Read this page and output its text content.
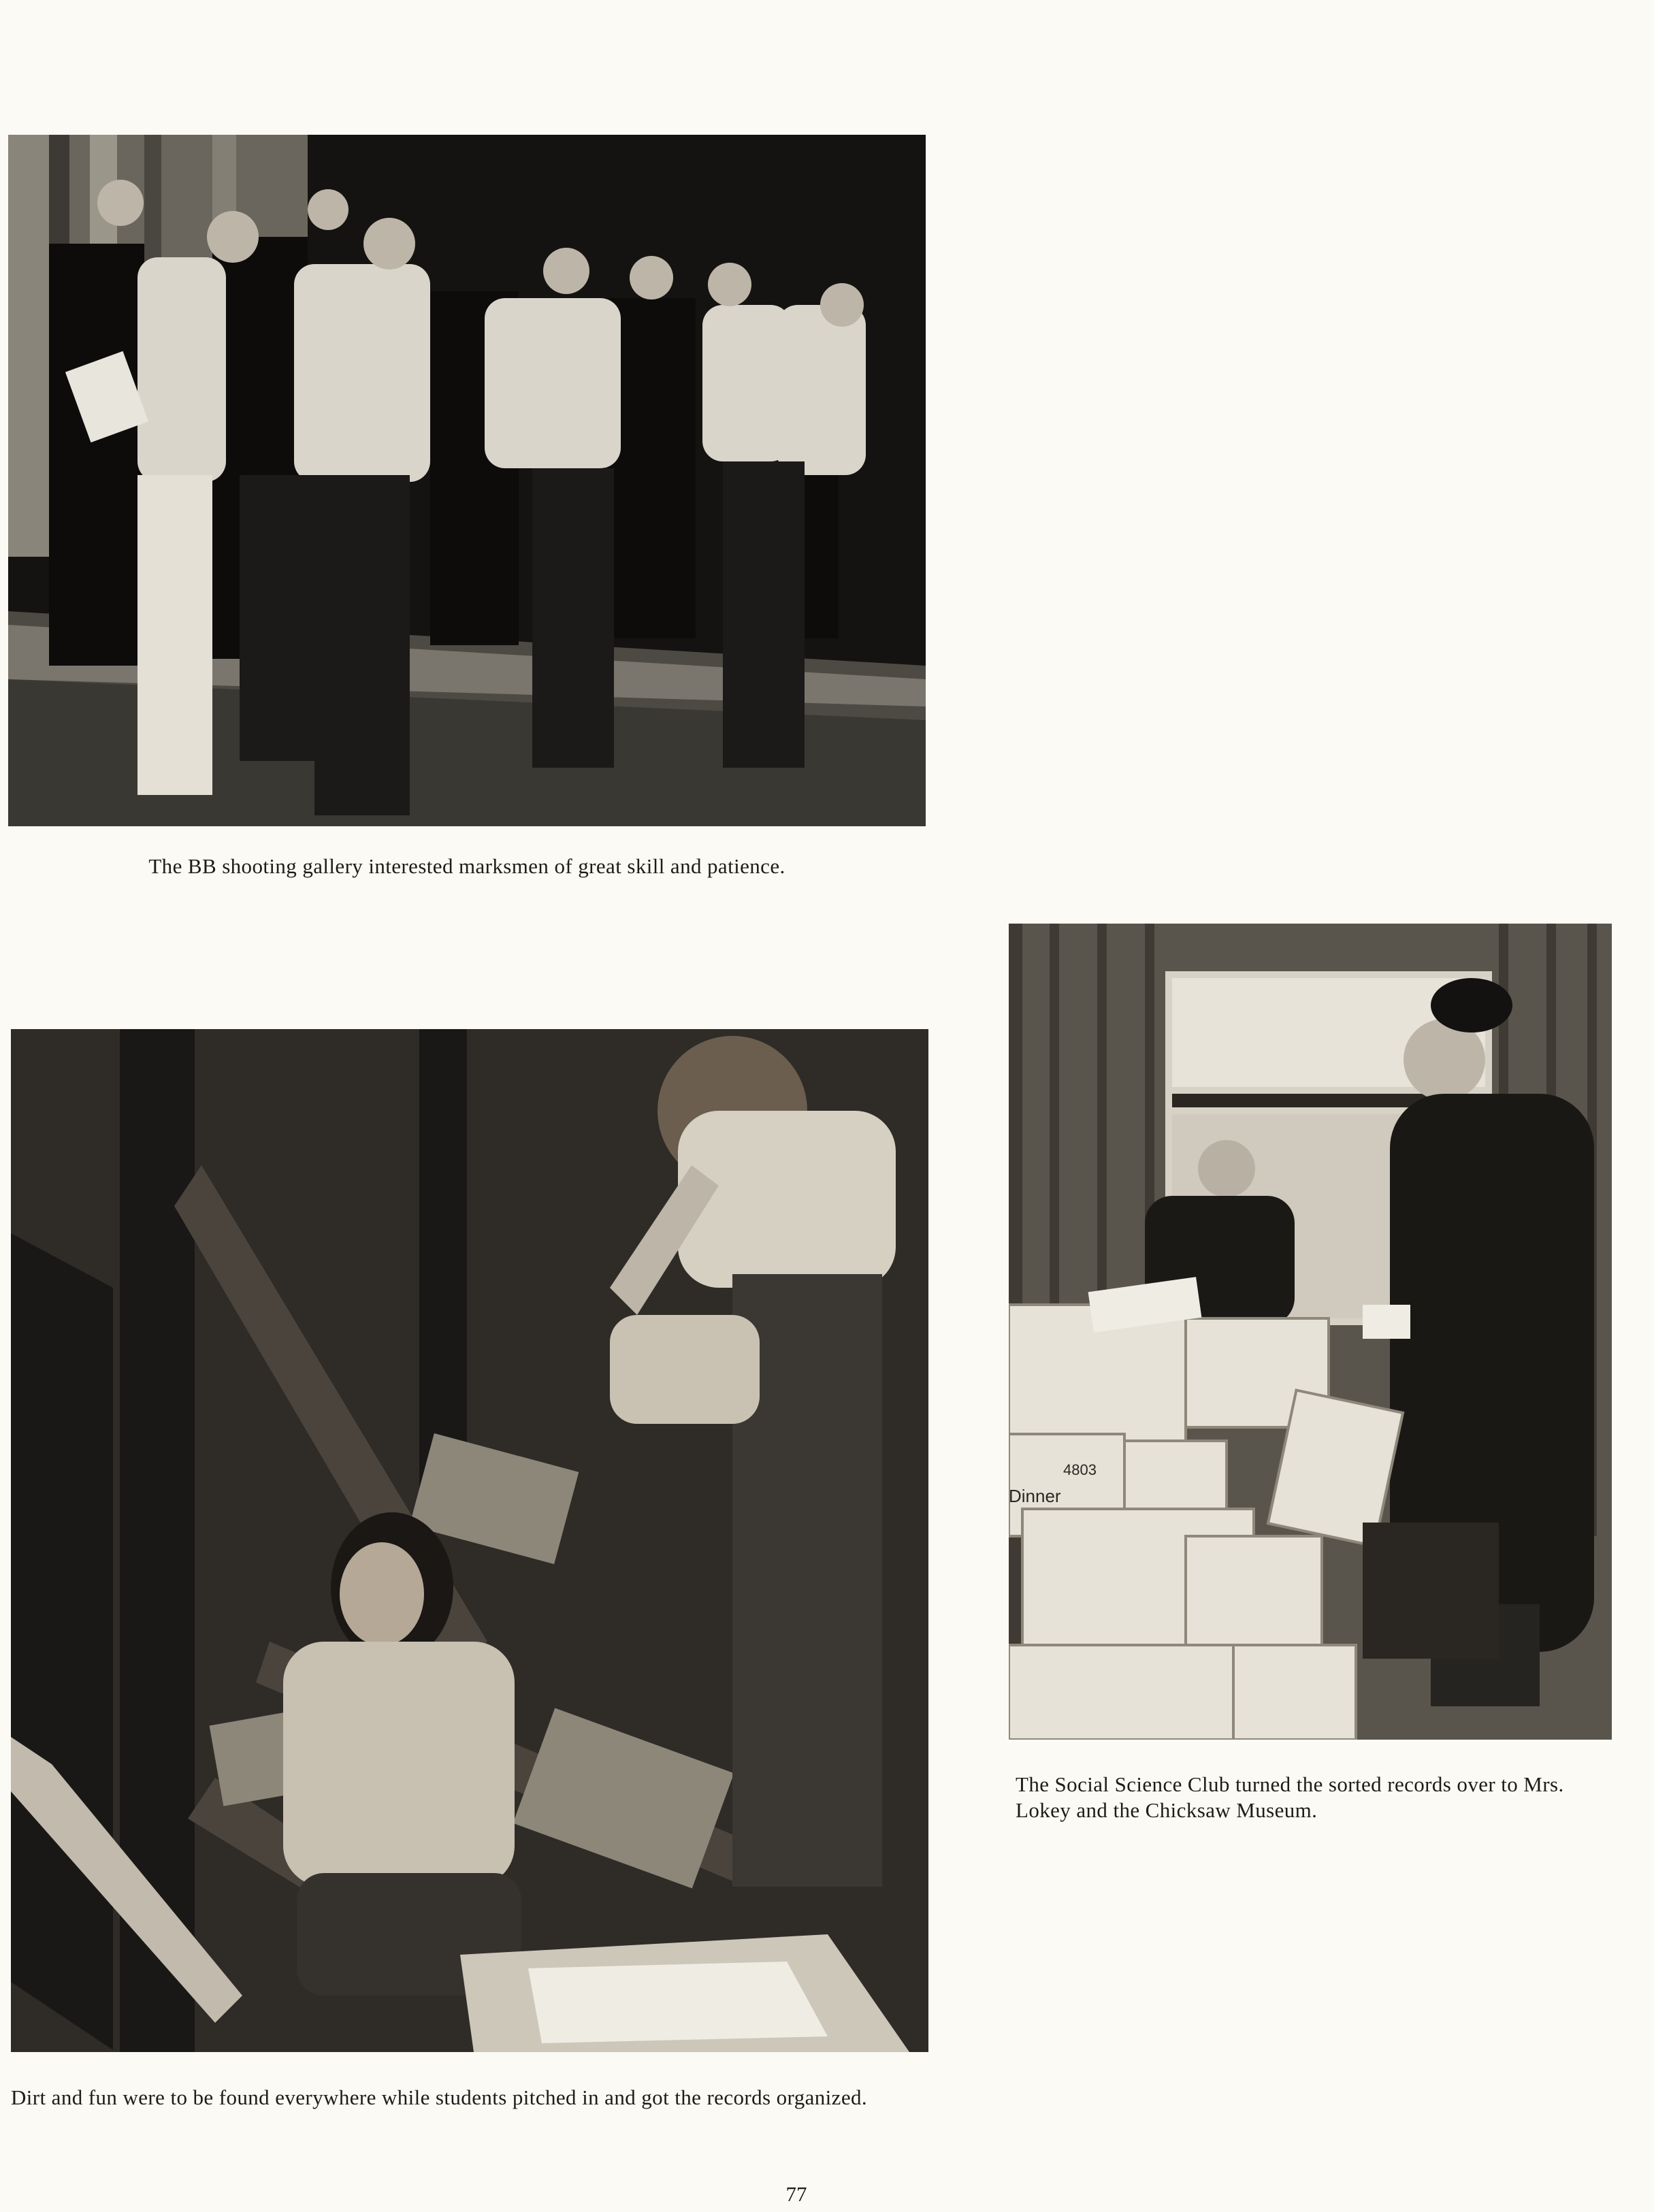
The BB shooting gallery interested marksmen of great skill and patience.
4803
Dinner
The Social Science Club turned the sorted records over to Mrs. Lokey and the Chicksaw Museum.
Dirt and fun were to be found everywhere while students pitched in and got the records organized.
77
